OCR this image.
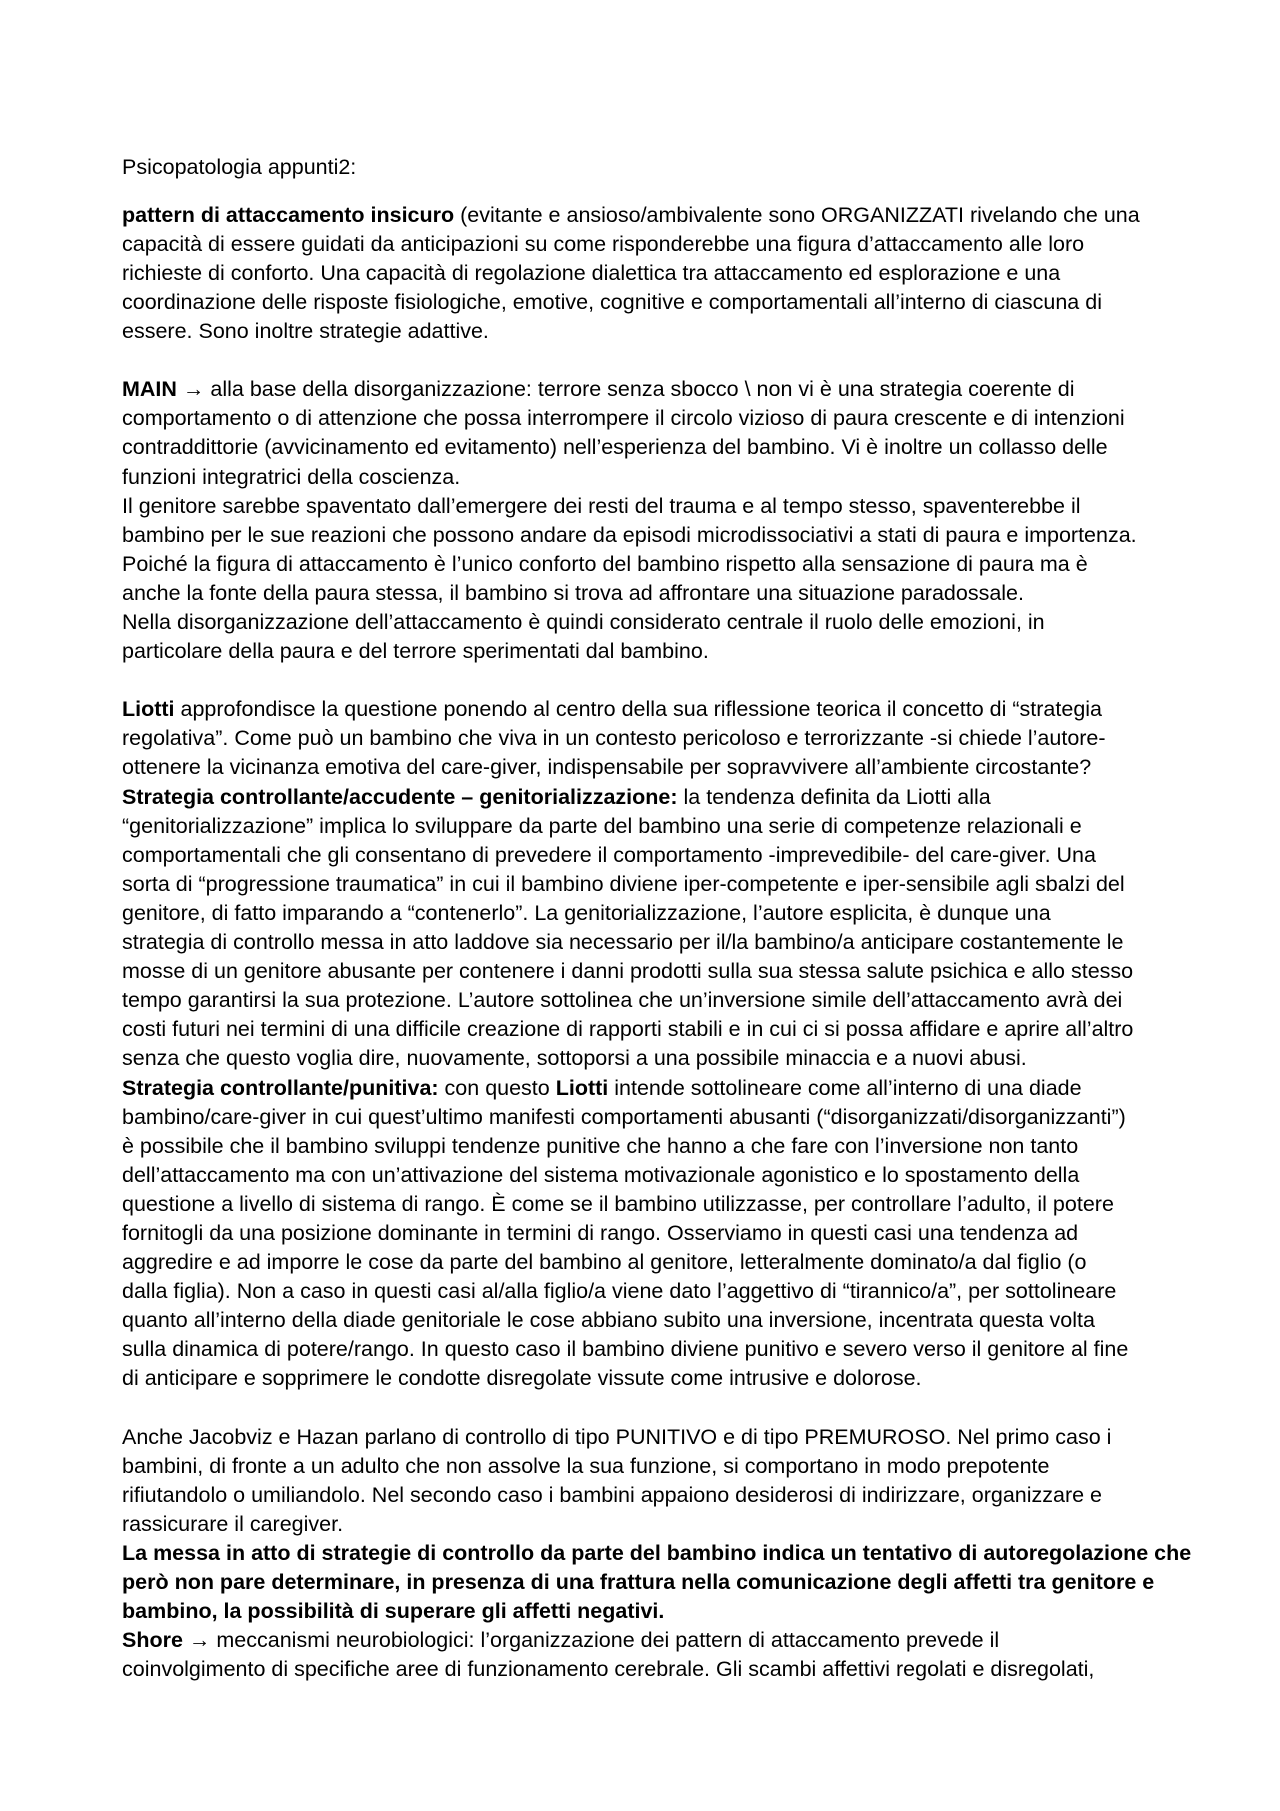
Psicopatologia appunti2:
pattern di attaccamento insicuro (evitante e ansioso/ambivalente sono ORGANIZZATI rivelando che una
capacità di essere guidati da anticipazioni su come risponderebbe una figura d’attaccamento alle loro
richieste di conforto. Una capacità di regolazione dialettica tra attaccamento ed esplorazione e una
coordinazione delle risposte fisiologiche, emotive, cognitive e comportamentali all’interno di ciascuna di
essere. Sono inoltre strategie adattive.
MAIN → alla base della disorganizzazione: terrore senza sbocco \ non vi è una strategia coerente di
comportamento o di attenzione che possa interrompere il circolo vizioso di paura crescente e di intenzioni
contraddittorie (avvicinamento ed evitamento) nell’esperienza del bambino. Vi è inoltre un collasso delle
funzioni integratrici della coscienza.
Il genitore sarebbe spaventato dall’emergere dei resti del trauma e al tempo stesso, spaventerebbe il
bambino per le sue reazioni che possono andare da episodi microdissociativi a stati di paura e importenza.
Poiché la figura di attaccamento è l’unico conforto del bambino rispetto alla sensazione di paura ma è
anche la fonte della paura stessa, il bambino si trova ad affrontare una situazione paradossale.
Nella disorganizzazione dell’attaccamento è quindi considerato centrale il ruolo delle emozioni, in
particolare della paura e del terrore sperimentati dal bambino.
Liotti approfondisce la questione ponendo al centro della sua riflessione teorica il concetto di “strategia
regolativa”. Come può un bambino che viva in un contesto pericoloso e terrorizzante -si chiede l’autore-
ottenere la vicinanza emotiva del care-giver, indispensabile per sopravvivere all’ambiente circostante?
Strategia controllante/accudente – genitorializzazione: la tendenza definita da Liotti alla
“genitorializzazione” implica lo sviluppare da parte del bambino una serie di competenze relazionali e
comportamentali che gli consentano di prevedere il comportamento -imprevedibile- del care-giver. Una
sorta di “progressione traumatica” in cui il bambino diviene iper-competente e iper-sensibile agli sbalzi del
genitore, di fatto imparando a “contenerlo”. La genitorializzazione, l’autore esplicita, è dunque una
strategia di controllo messa in atto laddove sia necessario per il/la bambino/a anticipare costantemente le
mosse di un genitore abusante per contenere i danni prodotti sulla sua stessa salute psichica e allo stesso
tempo garantirsi la sua protezione. L’autore sottolinea che un’inversione simile dell’attaccamento avrà dei
costi futuri nei termini di una difficile creazione di rapporti stabili e in cui ci si possa affidare e aprire all’altro
senza che questo voglia dire, nuovamente, sottoporsi a una possibile minaccia e a nuovi abusi.
Strategia controllante/punitiva: con questo Liotti intende sottolineare come all’interno di una diade
bambino/care-giver in cui quest’ultimo manifesti comportamenti abusanti (“disorganizzati/disorganizzanti”)
è possibile che il bambino sviluppi tendenze punitive che hanno a che fare con l’inversione non tanto
dell’attaccamento ma con un’attivazione del sistema motivazionale agonistico e lo spostamento della
questione a livello di sistema di rango. È come se il bambino utilizzasse, per controllare l’adulto, il potere
fornitogli da una posizione dominante in termini di rango. Osserviamo in questi casi una tendenza ad
aggredire e ad imporre le cose da parte del bambino al genitore, letteralmente dominato/a dal figlio (o
dalla figlia). Non a caso in questi casi al/alla figlio/a viene dato l’aggettivo di “tirannico/a”, per sottolineare
quanto all’interno della diade genitoriale le cose abbiano subito una inversione, incentrata questa volta
sulla dinamica di potere/rango. In questo caso il bambino diviene punitivo e severo verso il genitore al fine
di anticipare e sopprimere le condotte disregolate vissute come intrusive e dolorose.
Anche Jacobviz e Hazan parlano di controllo di tipo PUNITIVO e di tipo PREMUROSO. Nel primo caso i
bambini, di fronte a un adulto che non assolve la sua funzione, si comportano in modo prepotente
rifiutandolo o umiliandolo. Nel secondo caso i bambini appaiono desiderosi di indirizzare, organizzare e
rassicurare il caregiver.
La messa in atto di strategie di controllo da parte del bambino indica un tentativo di autoregolazione che
però non pare determinare, in presenza di una frattura nella comunicazione degli affetti tra genitore e
bambino, la possibilità di superare gli affetti negativi.
Shore → meccanismi neurobiologici: l’organizzazione dei pattern di attaccamento prevede il
coinvolgimento di specifiche aree di funzionamento cerebrale. Gli scambi affettivi regolati e disregolati,
